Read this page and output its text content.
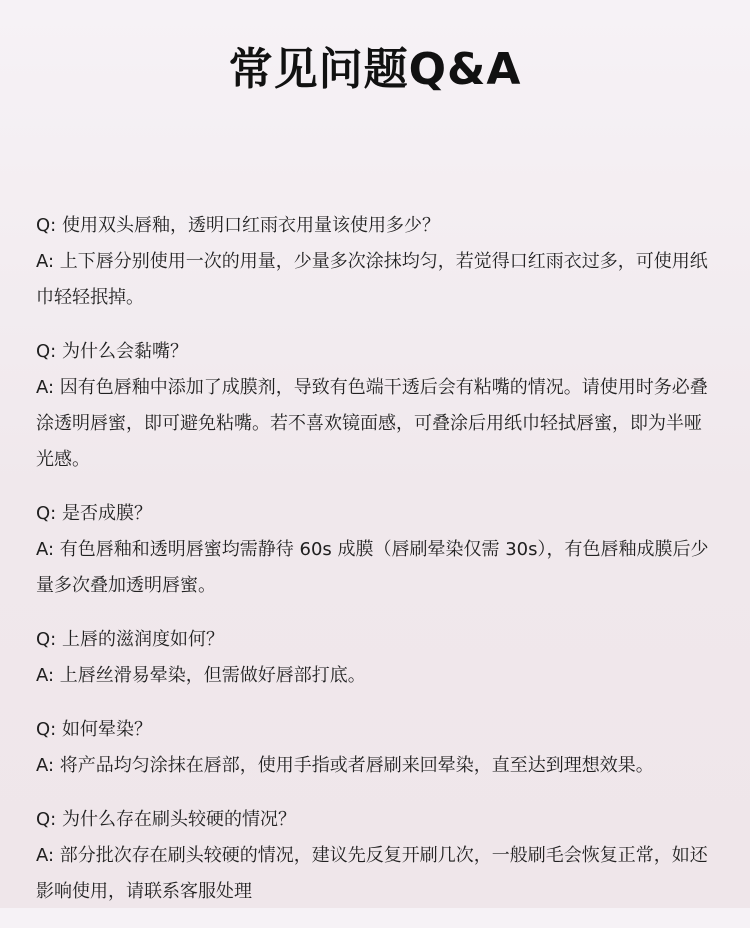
常见问题Q&A

Q: 使用双头唇釉，透明口红雨衣用量该使用多少？

A: 上下唇分别使用一次的用量，少量多次涂抹均匀，若觉得口红雨衣过多，可使用纸巾轻轻抿掉。

Q: 为什么会黏嘴？

A: 因有色唇釉中添加了成膜剂，导致有色端干透后会有粘嘴的情况。请使用时务必叠涂透明唇蜜，即可避免粘嘴。若不喜欢镜面感，可叠涂后用纸巾轻拭唇蜜，即为半哑光感。

Q: 是否成膜？

A: 有色唇釉和透明唇蜜均需静待 60s 成膜（唇刷晕染仅需 30s），有色唇釉成膜后少量多次叠加透明唇蜜。

Q: 上唇的滋润度如何？

A: 上唇丝滑易晕染，但需做好唇部打底。

Q: 如何晕染？

A: 将产品均匀涂抹在唇部，使用手指或者唇刷来回晕染，直至达到理想效果。

Q: 为什么存在刷头较硬的情况？

A: 部分批次存在刷头较硬的情况，建议先反复开刷几次，一般刷毛会恢复正常，如还影响使用，请联系客服处理
